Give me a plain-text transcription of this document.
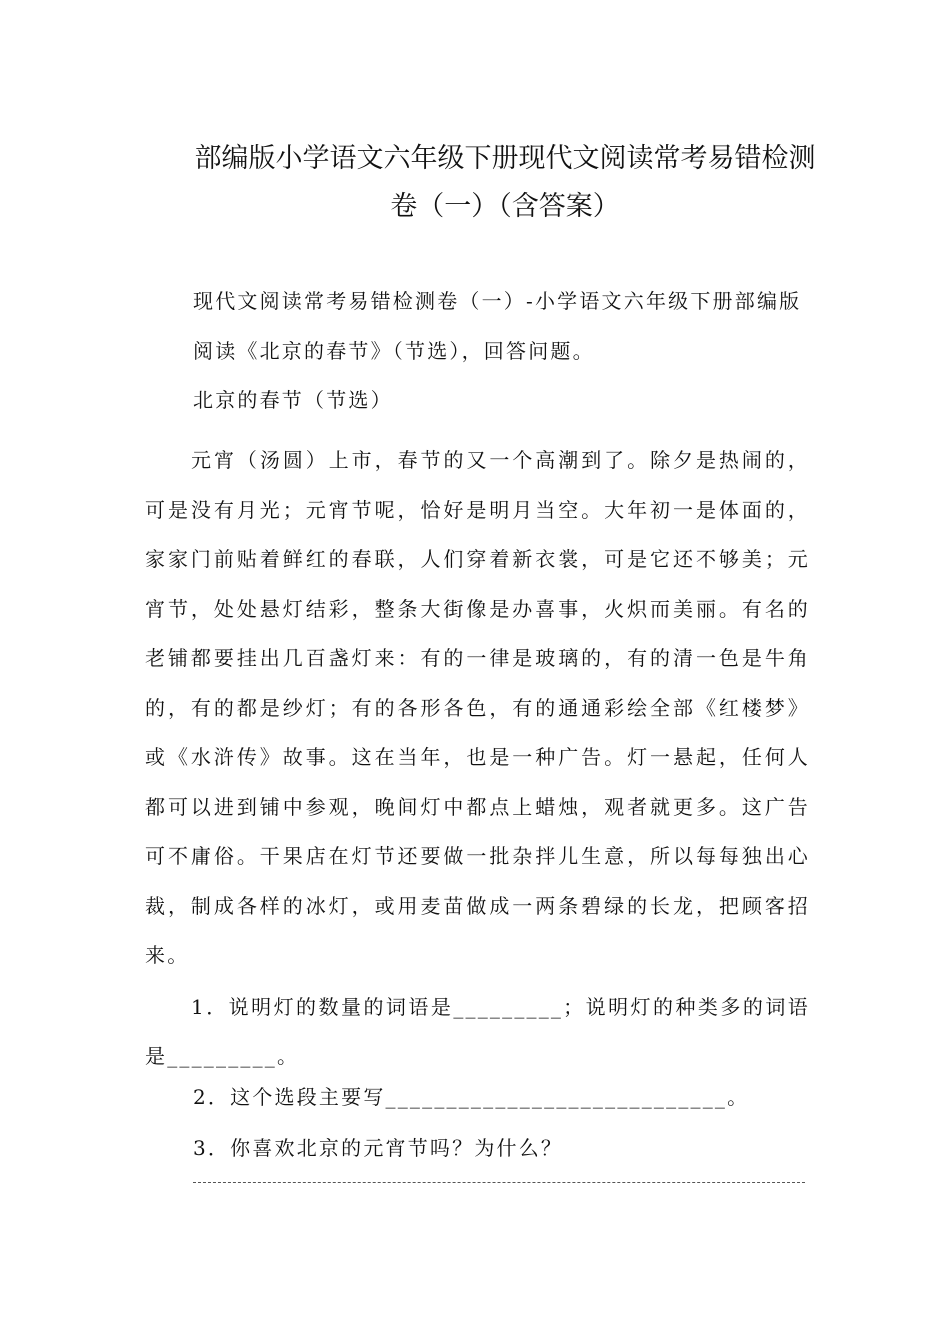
部编版小学语文六年级下册现代文阅读常考易错检测
卷（一）（含答案）
现代文阅读常考易错检测卷（一）-小学语文六年级下册部编版
阅读《北京的春节》（节选），回答问题。
北京的春节（节选）
元宵（汤圆）上市，春节的又一个高潮到了。除夕是热闹的，可是没有月光；元宵节呢，恰好是明月当空。大年初一是体面的，家家门前贴着鲜红的春联，人们穿着新衣裳，可是它还不够美；元宵节，处处悬灯结彩，整条大街像是办喜事，火炽而美丽。有名的老铺都要挂出几百盏灯来：有的一律是玻璃的，有的清一色是牛角的，有的都是纱灯；有的各形各色，有的通通彩绘全部《红楼梦》或《水浒传》故事。这在当年，也是一种广告。灯一悬起，任何人都可以进到铺中参观，晚间灯中都点上蜡烛，观者就更多。这广告可不庸俗。干果店在灯节还要做一批杂拌儿生意，所以每每独出心裁，制成各样的冰灯，或用麦苗做成一两条碧绿的长龙，把顾客招来。
1．说明灯的数量的词语是_________；说明灯的种类多的词语是_________。
2．这个选段主要写____________________________。
3．你喜欢北京的元宵节吗？为什么？
